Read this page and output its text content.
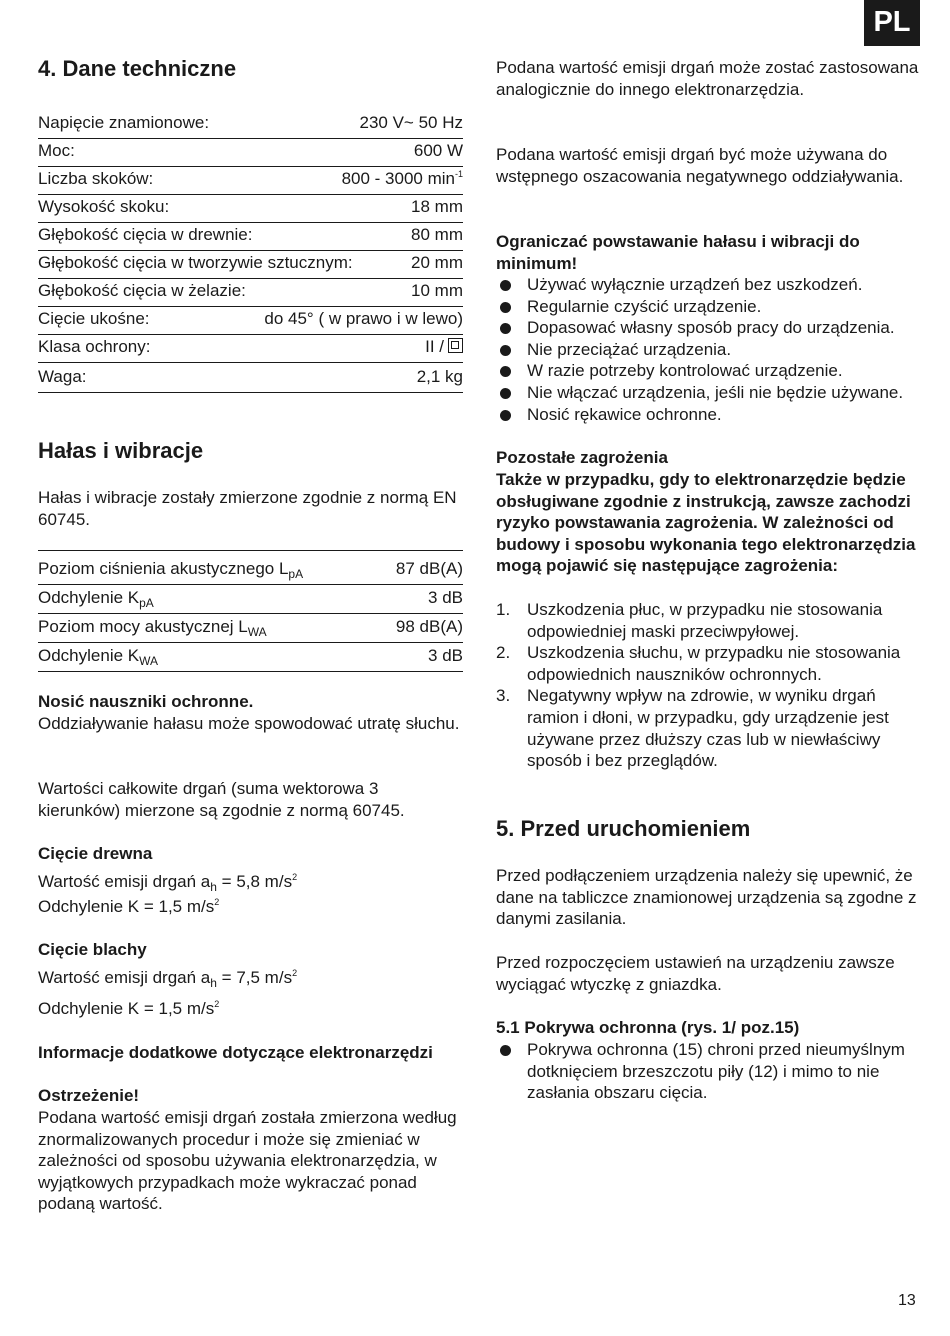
PL
4. Dane techniczne
Napięcie znamionowe:	230 V~ 50 Hz
Moc:	600 W
Liczba skoków:	800 - 3000 $\min^{-1}$
Wysokość skoku:	18 mm
Głębokość cięcia w drewnie:	80 mm
Głębokość cięcia w tworzywie sztucznym:	20 mm
Głębokość cięcia w żelazie:	10 mm
Cięcie ukośne:	do 45° ( w prawo i w lewo)
Klasa ochrony:	II /
Waga:	2,1 kg
Hałas i wibracje

Hałas i wibracje zostały zmierzone zgodnie z normą EN 60745.

Poziom ciśnienia akustycznego $L_{pA}$	87 dB(A)
Odchylenie $K_{pA}$	3 dB
Poziom mocy akustycznej $L_{WA}$	98 dB(A)
Odchylenie $K_{WA}$	3 dB

Nosić nauszniki ochronne.

Oddziaływanie hałasu może spowodować utratę słuchu.

Wartości całkowite drgań (suma wektorowa 3 kierunków) mierzone są zgodnie z normą 60745.

Cięcie drewna

Wartość emisji drgań $a_h = 5,8$ $m/s^2$

Odchylenie K = 1,5 $m/s^2$

Cięcie blachy

Wartość emisji drgań $a_h = 7,5$ $m/s^2$

Odchylenie K = 1,5 $m/s^2$

Informacje dodatkowe dotyczące elektronarzędzi

Ostrzeżenie!

Podana wartość emisji drgań została zmierzona według znormalizowanych procedur i może się zmieniać w zależności od sposobu używania elektronarzędzia, w wyjątkowych przypadkach może wykraczać ponad podaną wartość.

Podana wartość emisji drgań może zostać zastosowana analogicznie do innego elektronarzędzia.

Podana wartość emisji drgań być może używana do wstępnego oszacowania negatywnego oddziaływania.

Ograniczać powstawanie hałasu i wibracji do minimum!

Używać wyłącznie urządzeń bez uszkodzeń.
Regularnie czyścić urządzenie.
Dopasować własny sposób pracy do urządzenia.
Nie przeciążać urządzenia.
W razie potrzeby kontrolować urządzenie.
Nie włączać urządzenia, jeśli nie będzie używane.
Nosić rękawice ochronne.

Pozostałe zagrożenia

Także w przypadku, gdy to elektronarzędzie będzie obsługiwane zgodnie z instrukcją, zawsze zachodzi ryzyko powstawania zagrożenia. W zależności od budowy i sposobu wykonania tego elektronarzędzia mogą pojawić się następujące zagrożenia:

1. Uszkodzenia płuc, w przypadku nie stosowania odpowiedniej maski przeciwpyłowej.
2. Uszkodzenia słuchu, w przypadku nie stosowania odpowiednich nauszników ochronnych.
3. Negatywny wpływ na zdrowie, w wyniku drgań ramion i dłoni, w przypadku, gdy urządzenie jest używane przez dłuższy czas lub w niewłaściwy sposób i bez przeglądów.
5. Przed uruchomieniem

Przed podłączeniem urządzenia należy się upewnić, że dane na tabliczce znamionowej urządzenia są zgodne z danymi zasilania.

Przed rozpoczęciem ustawień na urządzeniu zawsze wyciągać wtyczkę z gniazdka.

5.1 Pokrywa ochronna (rys. 1/ poz.15)

Pokrywa ochronna (15) chroni przed nieumyślnym dotknięciem brzeszczotu piły (12) i mimo to nie zasłania obszaru cięcia.
13
